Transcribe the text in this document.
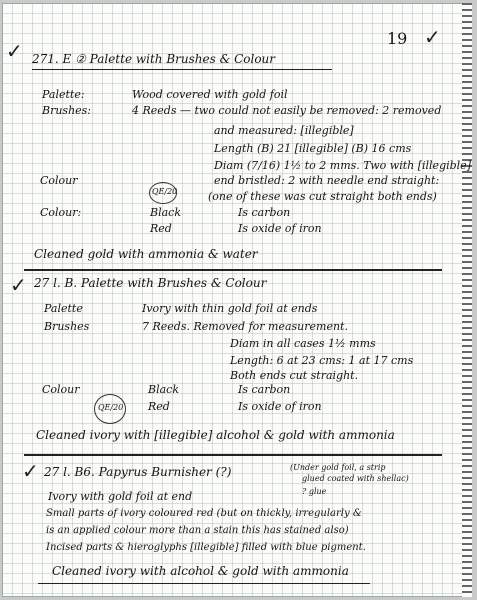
19 ✓
✓ 271. E ② Palette with Brushes & Colour
Palette:	Wood covered with gold foil
Brushes:	4 Reeds — two could not easily be removed: 2 removed
and measured: [illegible]
Length (B) 21 [illegible] (B) 16 cms
Diam (7/16) 1½ to 2 mms. Two with [illegible]
Colour	end bristled: 2 with needle end straight:
(one of these was cut straight both ends)
Colour:	Black	Is carbon
QE/20
Red	Is oxide of iron
Cleaned gold with ammonia & water
✓ 27 l. B. Palette with Brushes & Colour
Palette	Ivory with thin gold foil at ends
Brushes	7 Reeds. Removed for measurement.
Diam in all cases 1½ mms
Length: 6 at 23 cms: 1 at 17 cms
Both ends cut straight.
Colour	Black	Is carbon
QE/20 Red	Is oxide of iron
Cleaned ivory with [illegible] alcohol & gold with ammonia
✓ 27 l. B6. Papyrus Burnisher (?)	(Under gold foil, a strip
glued coated with shellac)
? glue
Ivory with gold foil at end
Small parts of ivory coloured red (but on thickly, irregularly &
is an applied colour more than a stain this has stained also)
Incised parts & hieroglyphs [illegible] filled with blue pigment.
Cleaned ivory with alcohol & gold with ammonia
